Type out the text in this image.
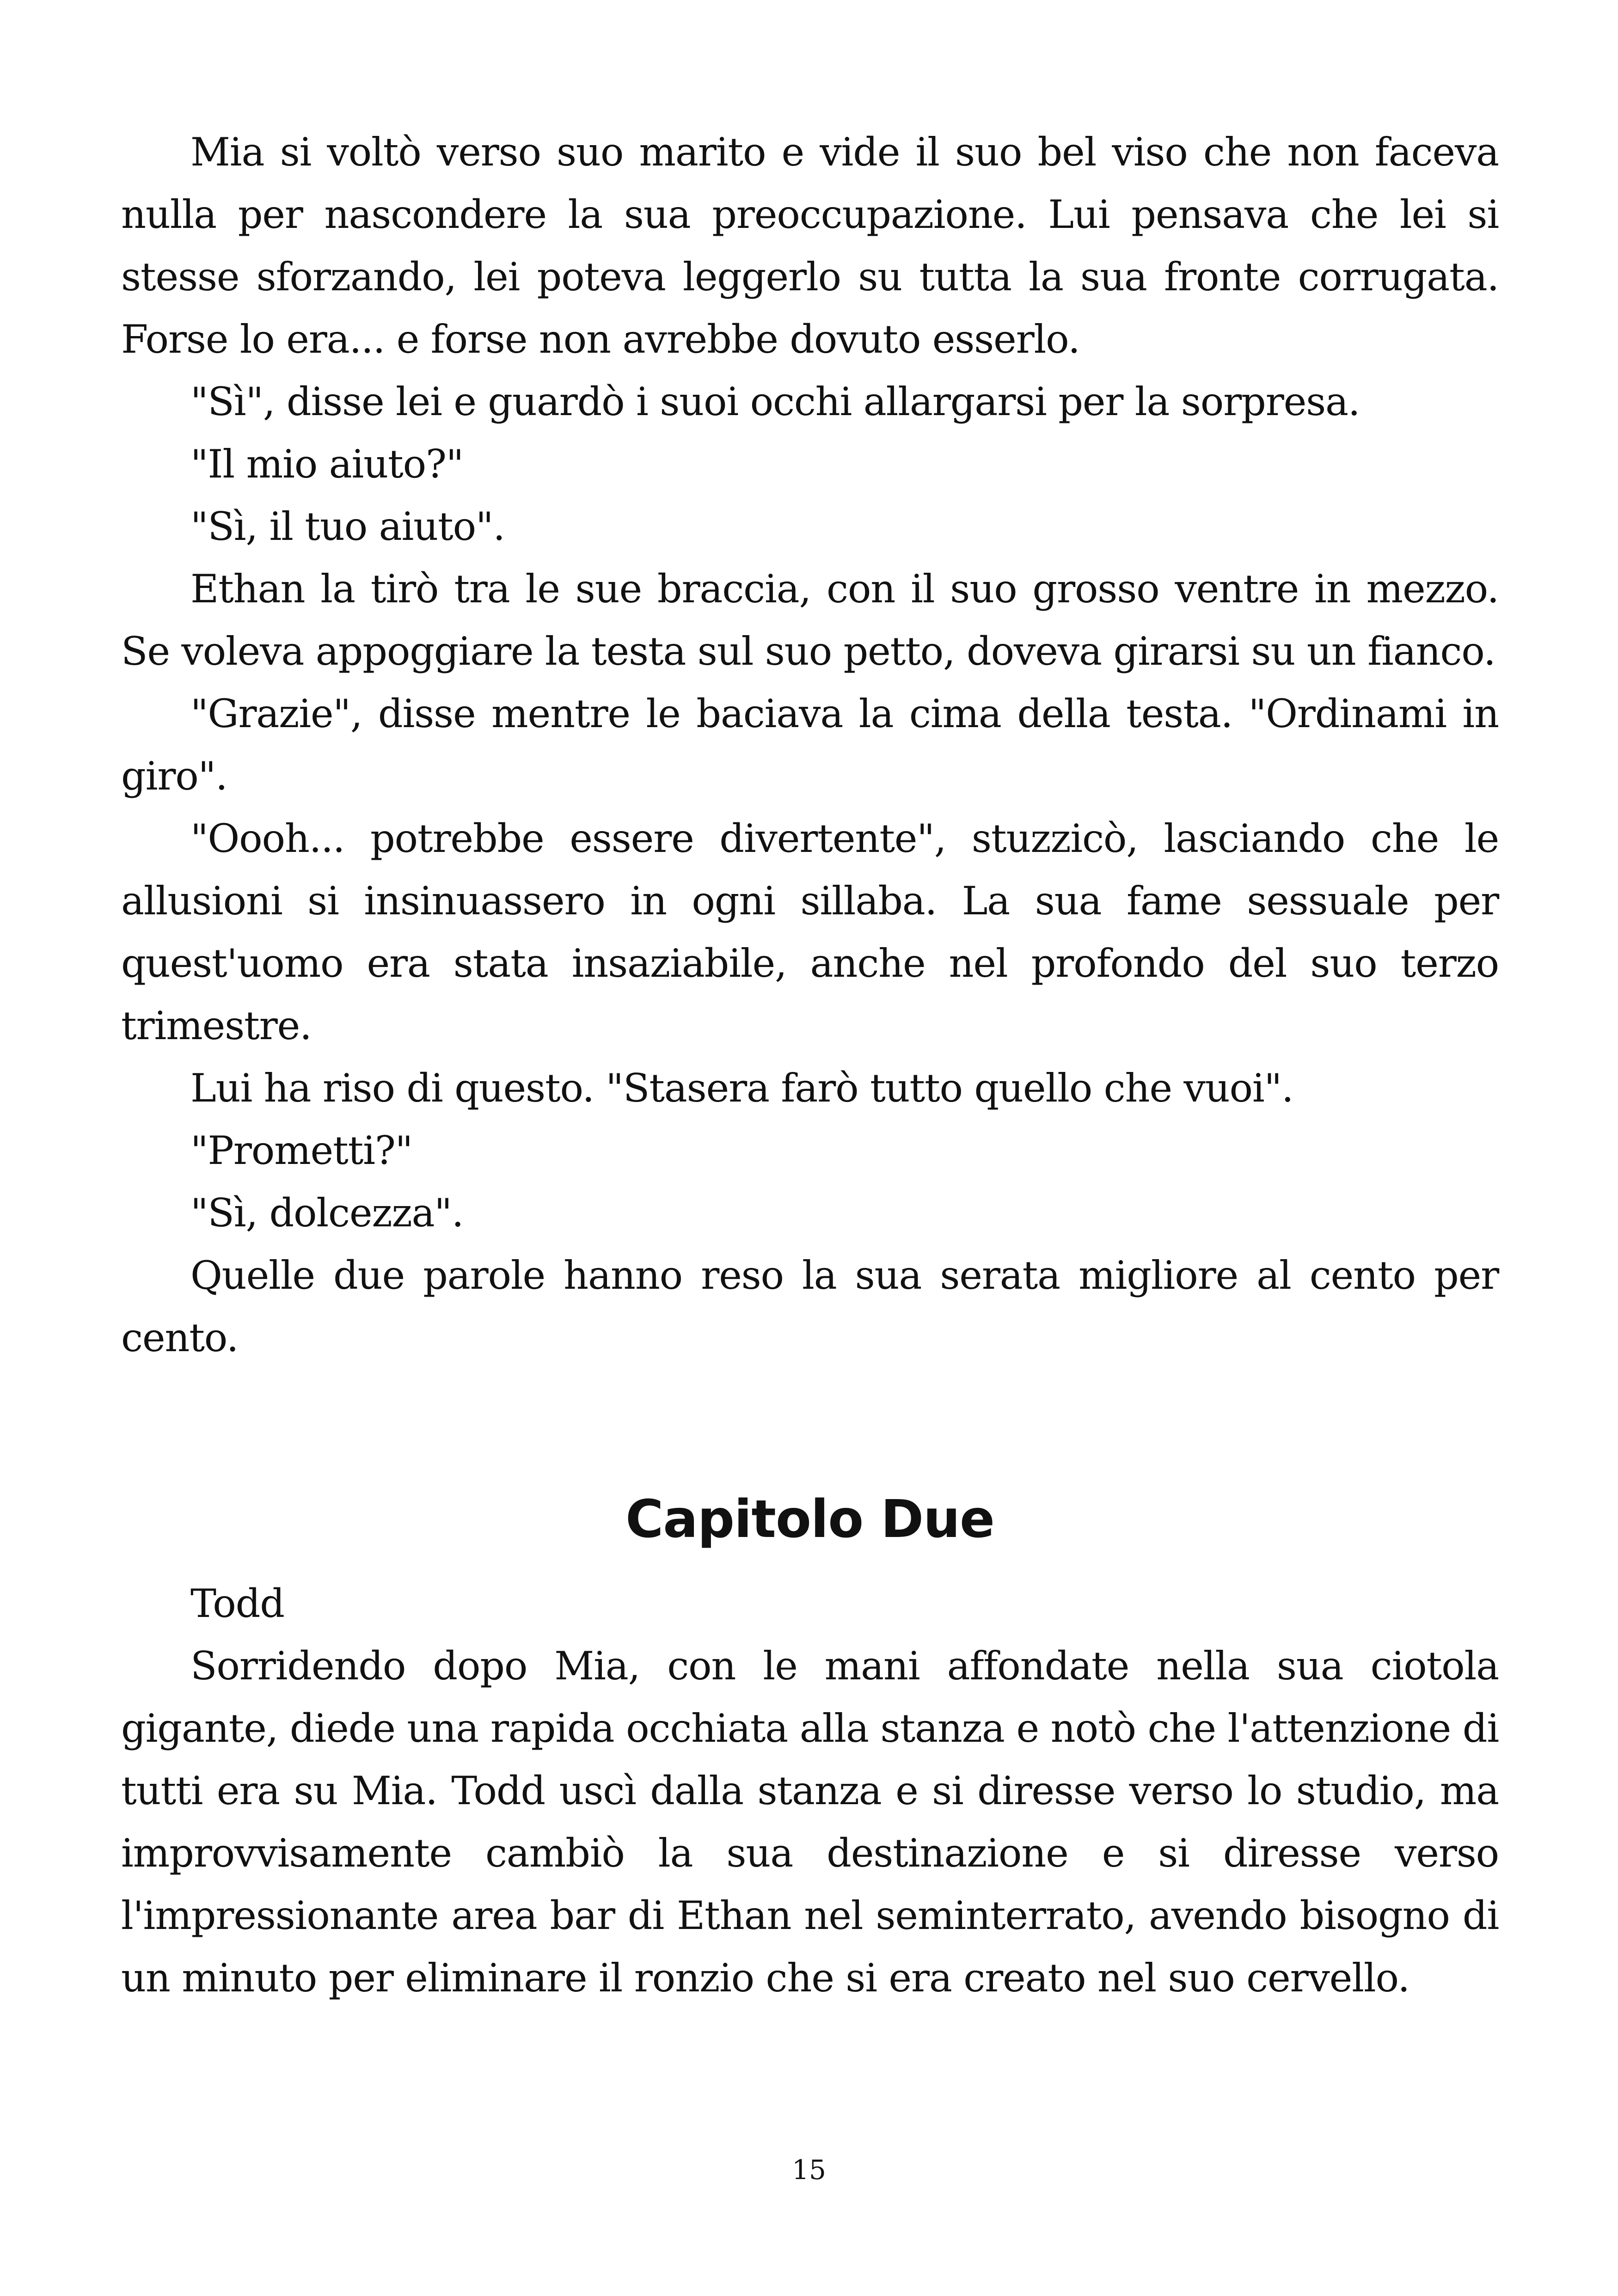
Mia si voltò verso suo marito e vide il suo bel viso che non faceva nulla per nascondere la sua preoccupazione. Lui pensava che lei si stesse sforzando, lei poteva leggerlo su tutta la sua fronte corrugata. Forse lo era... e forse non avrebbe dovuto esserlo.

"Sì", disse lei e guardò i suoi occhi allargarsi per la sorpresa.

"Il mio aiuto?"

"Sì, il tuo aiuto".

Ethan la tirò tra le sue braccia, con il suo grosso ventre in mezzo. Se voleva appoggiare la testa sul suo petto, doveva girarsi su un fianco.

"Grazie", disse mentre le baciava la cima della testa. "Ordinami in giro".

"Oooh... potrebbe essere divertente", stuzzicò, lasciando che le allusioni si insinuassero in ogni sillaba. La sua fame sessuale per quest'uomo era stata insaziabile, anche nel profondo del suo terzo trimestre.

Lui ha riso di questo. "Stasera farò tutto quello che vuoi".

"Prometti?"

"Sì, dolcezza".

Quelle due parole hanno reso la sua serata migliore al cento per cento.

Capitolo Due

Todd

Sorridendo dopo Mia, con le mani affondate nella sua ciotola gigante, diede una rapida occhiata alla stanza e notò che l'attenzione di tutti era su Mia. Todd uscì dalla stanza e si diresse verso lo studio, ma improvvisamente cambiò la sua destinazione e si diresse verso l'impressionante area bar di Ethan nel seminterrato, avendo bisogno di un minuto per eliminare il ronzio che si era creato nel suo cervello.

15
